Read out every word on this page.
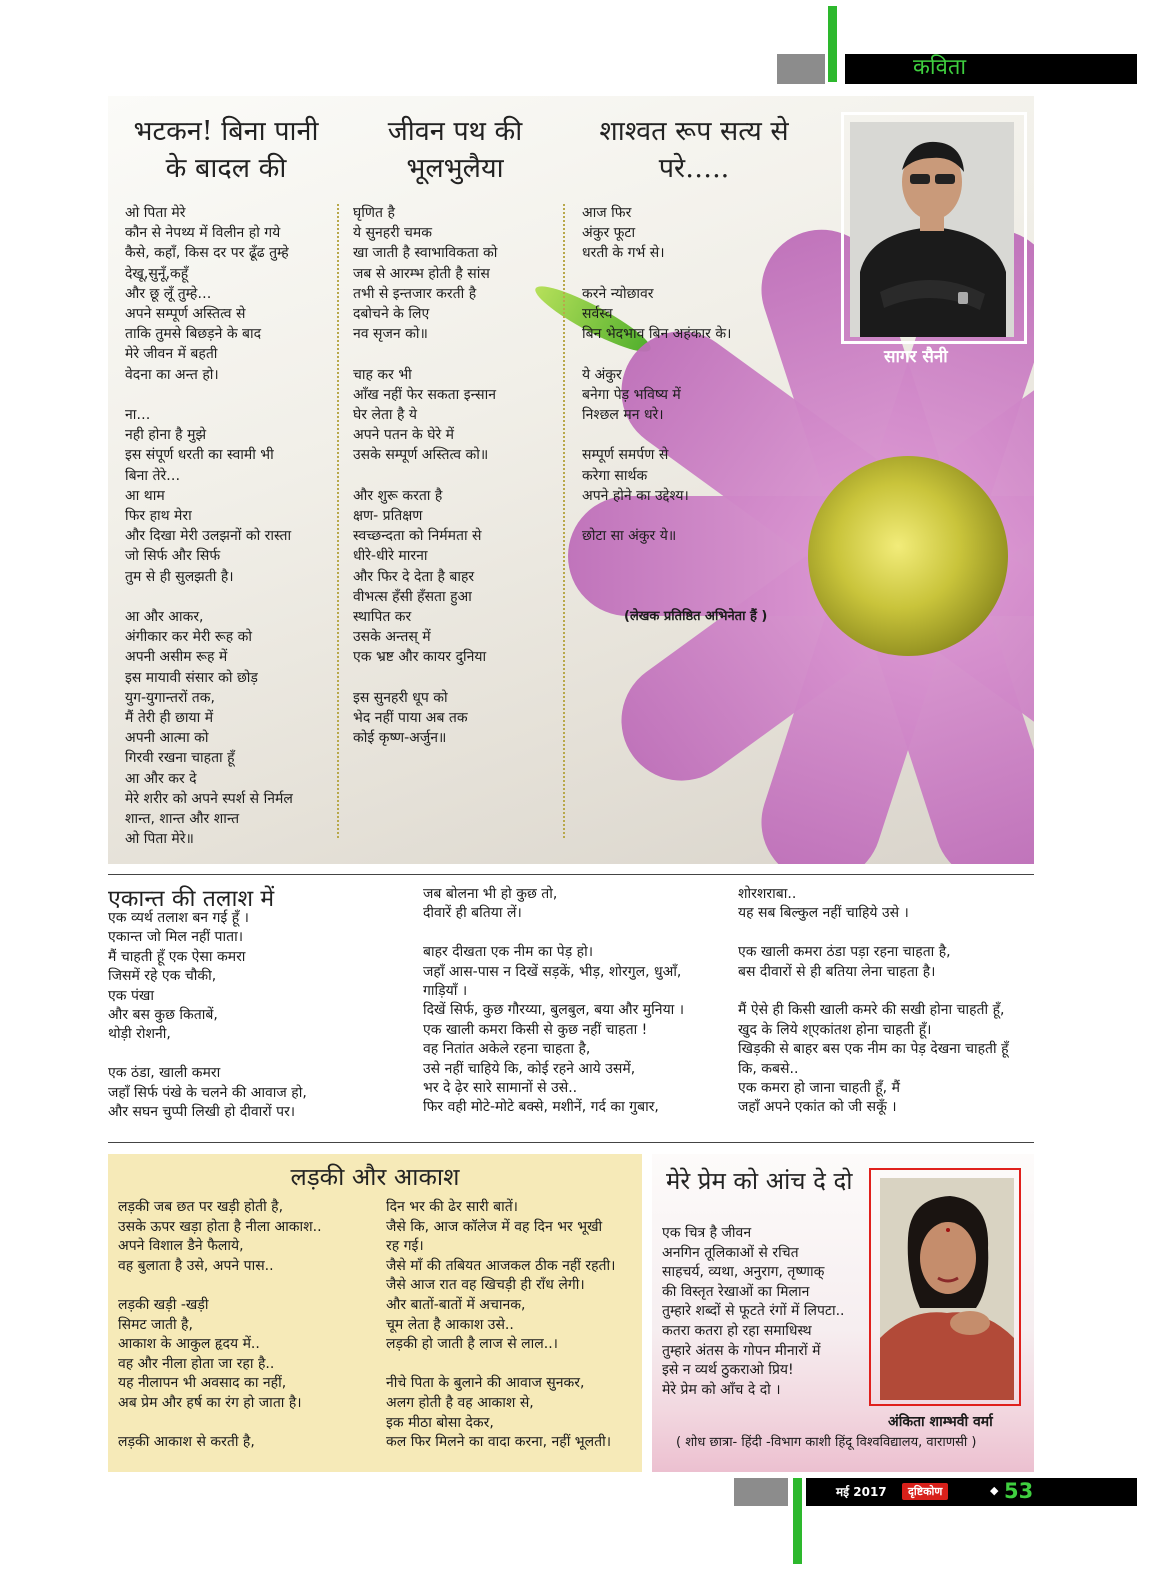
कविता
भटकन! बिना पानी
के बादल की
जीवन पथ की
भूलभुलैया
शाश्वत रूप सत्य से
परे…..

ओ पिता मेरे
कौन से नेपथ्य में विलीन हो गये
कैसे, कहाँ, किस दर पर ढूँढ तुम्हे
देखू,सुनूँ,कहूँ
और छू लूँ तुम्हे…
अपने सम्पूर्ण अस्तित्व से
ताकि तुमसे बिछड़ने के बाद
मेरे जीवन में बहती
वेदना का अन्त हो।

ना…
नही होना है मुझे
इस संपूर्ण धरती का स्वामी भी
बिना तेरे…
आ थाम
फिर हाथ मेरा
और दिखा मेरी उलझनों को रास्ता
जो सिर्फ और सिर्फ
तुम से ही सुलझती है।

आ और आकर,
अंगीकार कर मेरी रूह को
अपनी असीम रूह में
इस मायावी संसार को छोड़
युग-युगान्तरों तक,
मैं तेरी ही छाया में
अपनी आत्मा को
गिरवी रखना चाहता हूँ
आ और कर दे
मेरे शरीर को अपने स्पर्श से निर्मल
शान्त, शान्त और शान्त
ओ पिता मेरे॥

घृणित है
ये सुनहरी चमक
खा जाती है स्वाभाविकता को
जब से आरम्भ होती है सांस
तभी से इन्तजार करती है
दबोचने के लिए
नव सृजन को॥

चाह कर भी
आँख नहीं फेर सकता इन्सान
घेर लेता है ये
अपने पतन के घेरे में
उसके सम्पूर्ण अस्तित्व को॥

और शुरू करता है
क्षण- प्रतिक्षण
स्वच्छन्दता को निर्ममता से
धीरे-धीरे मारना
और फिर दे देता है बाहर
वीभत्स हँसी हँसता हुआ
स्थापित कर
उसके अन्तस् में
एक भ्रष्ट और कायर दुनिया

इस सुनहरी धूप को
भेद नहीं पाया अब तक
कोई कृष्ण-अर्जुन॥

आज फिर
अंकुर फूटा
धरती के गर्भ से।

करने न्योछावर
सर्वस्व
बिन भेदभाव बिन अहंकार के।

ये अंकुर
बनेगा पेड़ भविष्य में
निश्छल मन धरे।

सम्पूर्ण समर्पण से
करेगा सार्थक
अपने होने का उद्देश्य।

छोटा सा अंकुर ये॥

(लेखक प्रतिष्ठित अभिनेता हैं )
सागर सैनी
एकान्त की तलाश में

एक व्यर्थ तलाश बन गई हूँ ।
एकान्त जो मिल नहीं पाता।
मैं चाहती हूँ एक ऐसा कमरा
जिसमें रहे एक चौकी,
एक पंखा
और बस कुछ किताबें,
थोड़ी रोशनी,

एक ठंडा, खाली कमरा
जहाँ सिर्फ पंखे के चलने की आवाज हो,
और सघन चुप्पी लिखी हो दीवारों पर।

जब बोलना भी हो कुछ तो,
दीवारें ही बतिया लें।

बाहर दीखता एक नीम का पेड़ हो।
जहाँ आस-पास न दिखें सड़कें, भीड़, शोरगुल, धुआँ,
गाड़ियाँ ।
दिखें सिर्फ, कुछ गौरय्या, बुलबुल, बया और मुनिया ।
एक खाली कमरा किसी से कुछ नहीं चाहता !
वह नितांत अकेले रहना चाहता है,
उसे नहीं चाहिये कि, कोई रहने आये उसमें,
भर दे ढ़ेर सारे सामानों से उसे..
फिर वही मोटे-मोटे बक्से, मशीनें, गर्द का गुबार,

शोरशराबा..
यह सब बिल्कुल नहीं चाहिये उसे ।

एक खाली कमरा ठंडा पड़ा रहना चाहता है,
बस दीवारों से ही बतिया लेना चाहता है।

मैं ऐसे ही किसी खाली कमरे की सखी होना चाहती हूँ,
खुद के लिये श्एकांतश होना चाहती हूँ।
खिड़की से बाहर बस एक नीम का पेड़ देखना चाहती हूँ
कि, कबसे..
एक कमरा हो जाना चाहती हूँ, मैं
जहाँ अपने एकांत को जी सकूँ ।

लड़की और आकाश

लड़की जब छत पर खड़ी होती है,
उसके ऊपर खड़ा होता है नीला आकाश..
अपने विशाल डैने फैलाये,
वह बुलाता है उसे, अपने पास..

लड़की खड़ी -खड़ी
सिमट जाती है,
आकाश के आकुल हृदय में..
वह और नीला होता जा रहा है..
यह नीलापन भी अवसाद का नहीं,
अब प्रेम और हर्ष का रंग हो जाता है।

लड़की आकाश से करती है,

दिन भर की ढेर सारी बातें।
जैसे कि, आज कॉलेज में वह दिन भर भूखी
रह गई।
जैसे माँ की तबियत आजकल ठीक नहीं रहती।
जैसे आज रात वह खिचड़ी ही राँध लेगी।
और बातों-बातों में अचानक,
चूम लेता है आकाश उसे..
लड़की हो जाती है लाज से लाल..।

नीचे पिता के बुलाने की आवाज सुनकर,
अलग होती है वह आकाश से,
इक मीठा बोसा देकर,
कल फिर मिलने का वादा करना, नहीं भूलती।

मेरे प्रेम को आंच दे दो

एक चित्र है जीवन
अनगिन तूलिकाओं से रचित
साहचर्य, व्यथा, अनुराग, तृष्णाक्
की विस्तृत रेखाओं का मिलान
तुम्हारे शब्दों से फूटते रंगों में लिपटा..
कतरा कतरा हो रहा समाधिस्थ
तुम्हारे अंतस के गोपन मीनारों में
इसे न व्यर्थ ठुकराओ प्रिय!
मेरे प्रेम को आँच दे दो ।

अंकिता शाम्भवी वर्मा
( शोध छात्रा- हिंदी -विभाग काशी हिंदू विश्वविद्यालय, वाराणसी )
मई 2017	दृष्टिकोण	◆ 53
